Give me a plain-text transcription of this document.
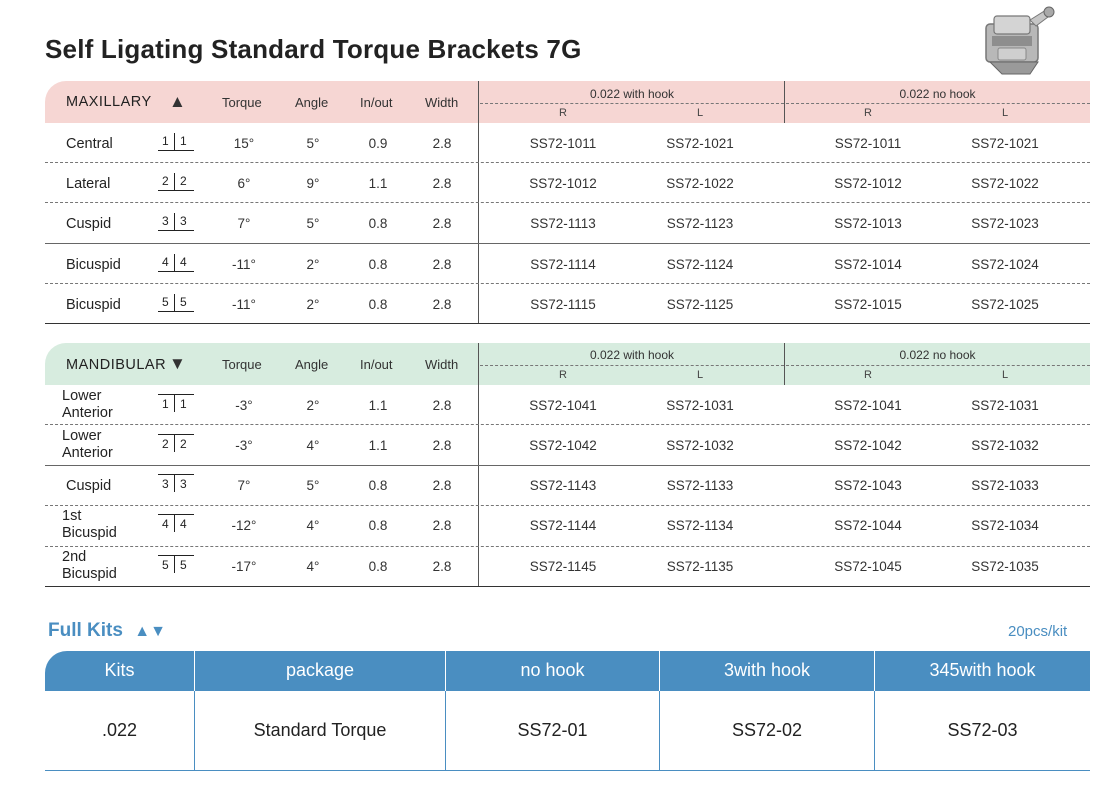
Self Ligating Standard Torque Brackets 7G
MAXILLARY ▲	Torque	Angle In/out Width
0.022 with hook	0.022 no hook
R	L	R	L
Central	1 1	15°	5°	0.9	2.8	SS72-1011	SS72-1021	SS72-1011	SS72-1021
Lateral	2 2	6°	9°	1.1	2.8	SS72-1012	SS72-1022	SS72-1012	SS72-1022
Cuspid	3 3	7°	5°	0.8	2.8	SS72-1113	SS72-1123	SS72-1013	SS72-1023
Bicuspid	4 4	-11°	2°	0.8	2.8	SS72-1114	SS72-1124	SS72-1014	SS72-1024
Bicuspid	5 5	-11°	2°	0.8	2.8	SS72-1115	SS72-1125	SS72-1015	SS72-1025
MANDIBULAR ▼	Torque	Angle In/out Width
0.022 with hook	0.022 no hook
R	L	R	L
Lower
Anterior
1 1	-3°	2°	1.1	2.8	SS72-1041	SS72-1031	SS72-1041	SS72-1031
Lower
Anterior
2 2	-3°	4°	1.1	2.8	SS72-1042	SS72-1032	SS72-1042	SS72-1032
Cuspid	3 3	7°	5°	0.8	2.8	SS72-1143	SS72-1133	SS72-1043	SS72-1033
1st
Bicuspid
4 4	-12°	4°	0.8	2.8	SS72-1144	SS72-1134	SS72-1044	SS72-1034
2nd
Bicuspid
5 5	-17°	4°	0.8	2.8	SS72-1145	SS72-1135	SS72-1045	SS72-1035
Full Kits ▲▼	20pcs/kit
Kits	package	no hook	3with hook	345with hook
.022	Standard Torque	SS72-01	SS72-02	SS72-03
